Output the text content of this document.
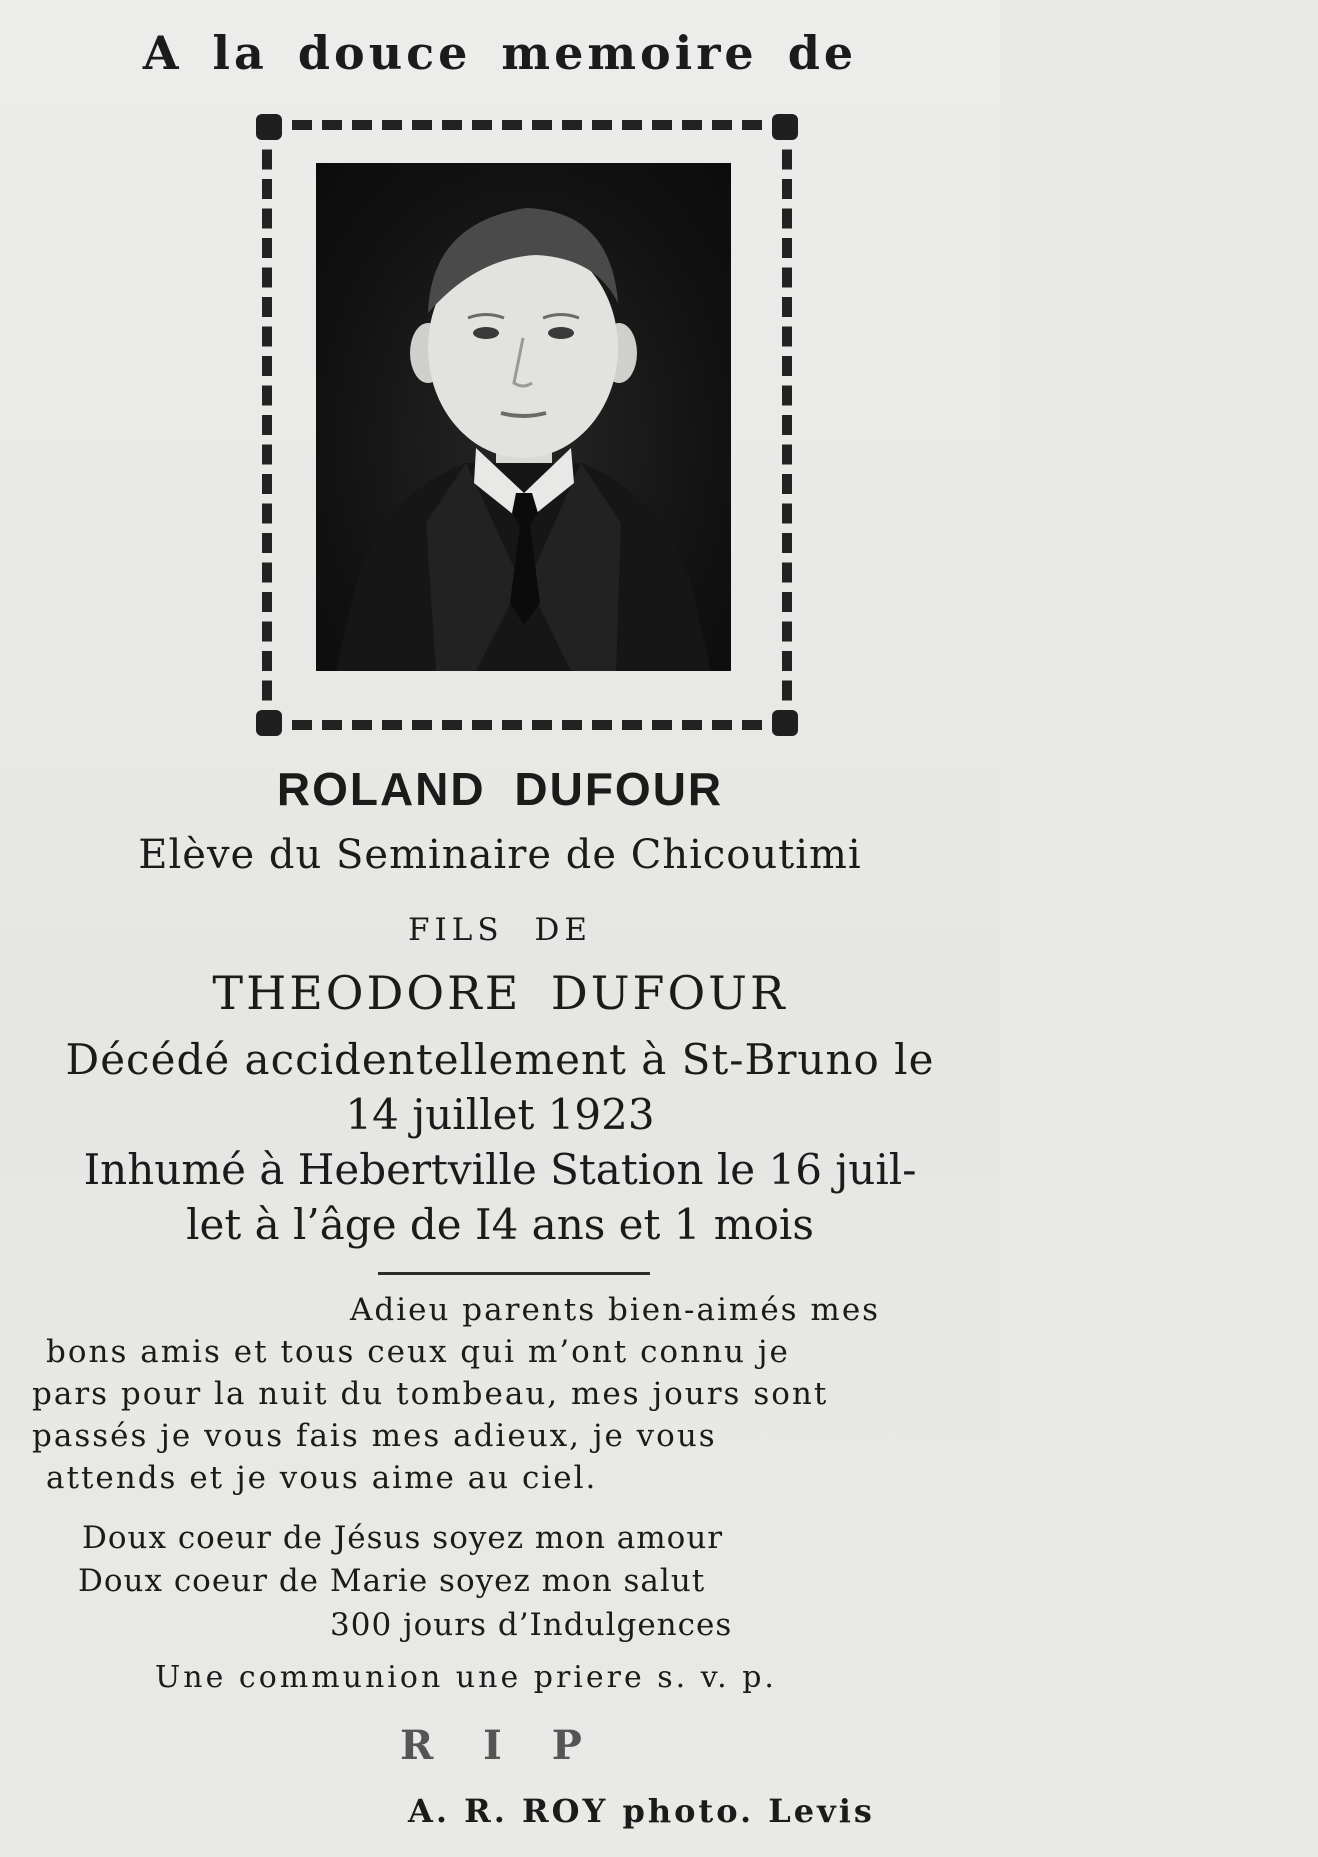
A la douce memoire de
ROLAND DUFOUR
Elève du Seminaire de Chicoutimi
FILS DE
THEODORE DUFOUR
Décédé accidentellement à St-Bruno le
14 juillet 1923
Inhumé à Hebertville Station le 16 juil-
let à l’âge de I4 ans et 1 mois
Adieu parents bien-aimés mes
bons amis et tous ceux qui m’ont connu je
pars pour la nuit du tombeau, mes jours sont
passés je vous fais mes adieux, je vous
attends et je vous aime au ciel.
Doux coeur de Jésus soyez mon amour
Doux coeur de Marie soyez mon salut
300 jours d’Indulgences
Une communion une priere s. v. p.
R I P
A. R. ROY photo. Levis
